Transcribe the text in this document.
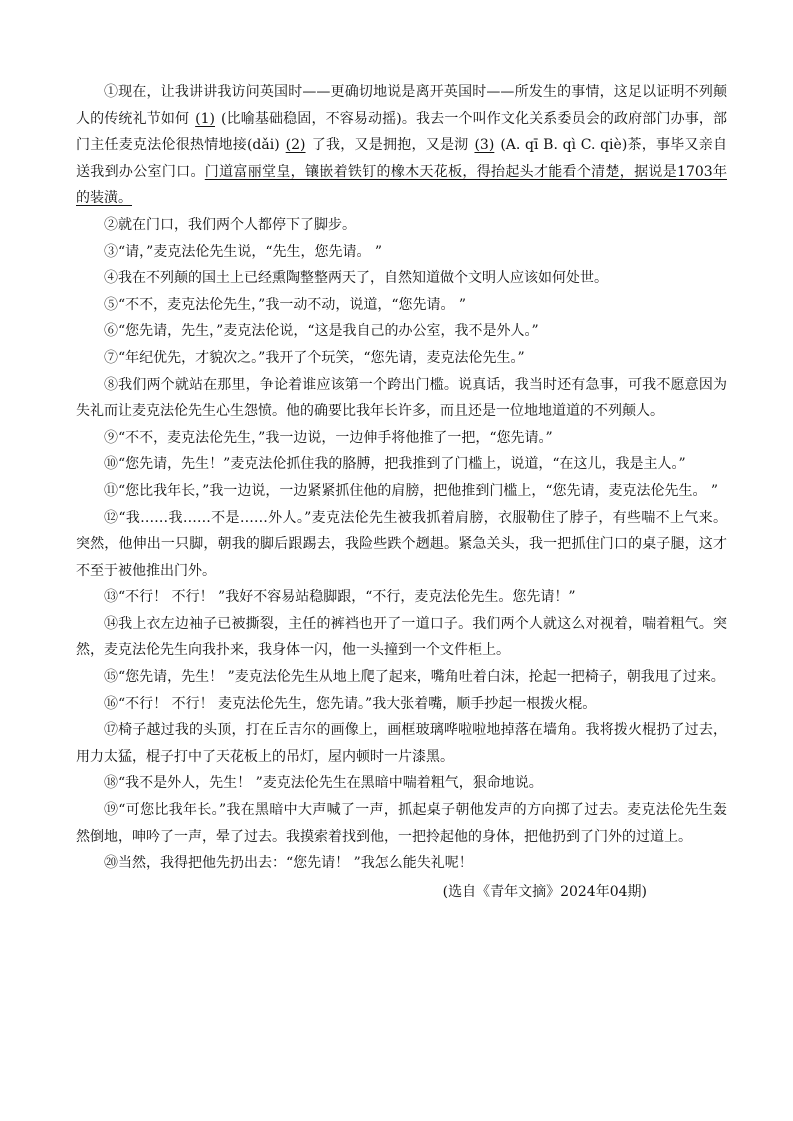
①现在，让我讲讲我访问英国时——更确切地说是离开英国时——所发生的事情，这足以证明不列颠人的传统礼节如何 (1) (比喻基础稳固，不容易动摇)。我去一个叫作文化关系委员会的政府部门办事，部门主任麦克法伦很热情地接(dǎi) (2) 了我，又是拥抱，又是沏 (3) (A. qī B. qì C. qiè)茶，事毕又亲自送我到办公室门口。门道富丽堂皇，镶嵌着铁钉的橡木天花板，得抬起头才能看个清楚，据说是1703年的装潢。

②就在门口，我们两个人都停下了脚步。

③“请，”麦克法伦先生说，“先生，您先请。 ”

④我在不列颠的国土上已经熏陶整整两天了，自然知道做个文明人应该如何处世。

⑤“不不，麦克法伦先生，”我一动不动，说道，“您先请。 ”

⑥“您先请，先生，”麦克法伦说，“这是我自己的办公室，我不是外人。”

⑦“年纪优先，才貌次之。”我开了个玩笑，“您先请，麦克法伦先生。”

⑧我们两个就站在那里，争论着谁应该第一个跨出门槛。说真话，我当时还有急事，可我不愿意因为失礼而让麦克法伦先生心生怨愤。他的确要比我年长许多，而且还是一位地地道道的不列颠人。

⑨“不不，麦克法伦先生，”我一边说，一边伸手将他推了一把，“您先请。”

⑩“您先请，先生！”麦克法伦抓住我的胳膊，把我推到了门槛上，说道，“在这儿，我是主人。”

⑪“您比我年长，”我一边说，一边紧紧抓住他的肩膀，把他推到门槛上，“您先请，麦克法伦先生。 ”

⑫“我……我……不是……外人。”麦克法伦先生被我抓着肩膀，衣服勒住了脖子，有些喘不上气来。突然，他伸出一只脚，朝我的脚后跟踢去，我险些跌个趔趄。紧急关头，我一把抓住门口的桌子腿，这才不至于被他推出门外。

⑬“不行！ 不行！ ”我好不容易站稳脚跟，“不行，麦克法伦先生。您先请！”

⑭我上衣左边袖子已被撕裂，主任的裤裆也开了一道口子。我们两个人就这么对视着，喘着粗气。突然，麦克法伦先生向我扑来，我身体一闪，他一头撞到一个文件柜上。

⑮“您先请，先生！ ”麦克法伦先生从地上爬了起来，嘴角吐着白沫，抡起一把椅子，朝我甩了过来。

⑯“不行！ 不行！ 麦克法伦先生，您先请。”我大张着嘴，顺手抄起一根拨火棍。

⑰椅子越过我的头顶，打在丘吉尔的画像上，画框玻璃哗啦啦地掉落在墙角。我将拨火棍扔了过去，用力太猛，棍子打中了天花板上的吊灯，屋内顿时一片漆黑。

⑱“我不是外人，先生！ ”麦克法伦先生在黑暗中喘着粗气，狠命地说。

⑲“可您比我年长。”我在黑暗中大声喊了一声，抓起桌子朝他发声的方向掷了过去。麦克法伦先生轰然倒地，呻吟了一声，晕了过去。我摸索着找到他，一把拎起他的身体，把他扔到了门外的过道上。

⑳当然，我得把他先扔出去：“您先请！ ”我怎么能失礼呢！

(选自《青年文摘》2024年04期)
